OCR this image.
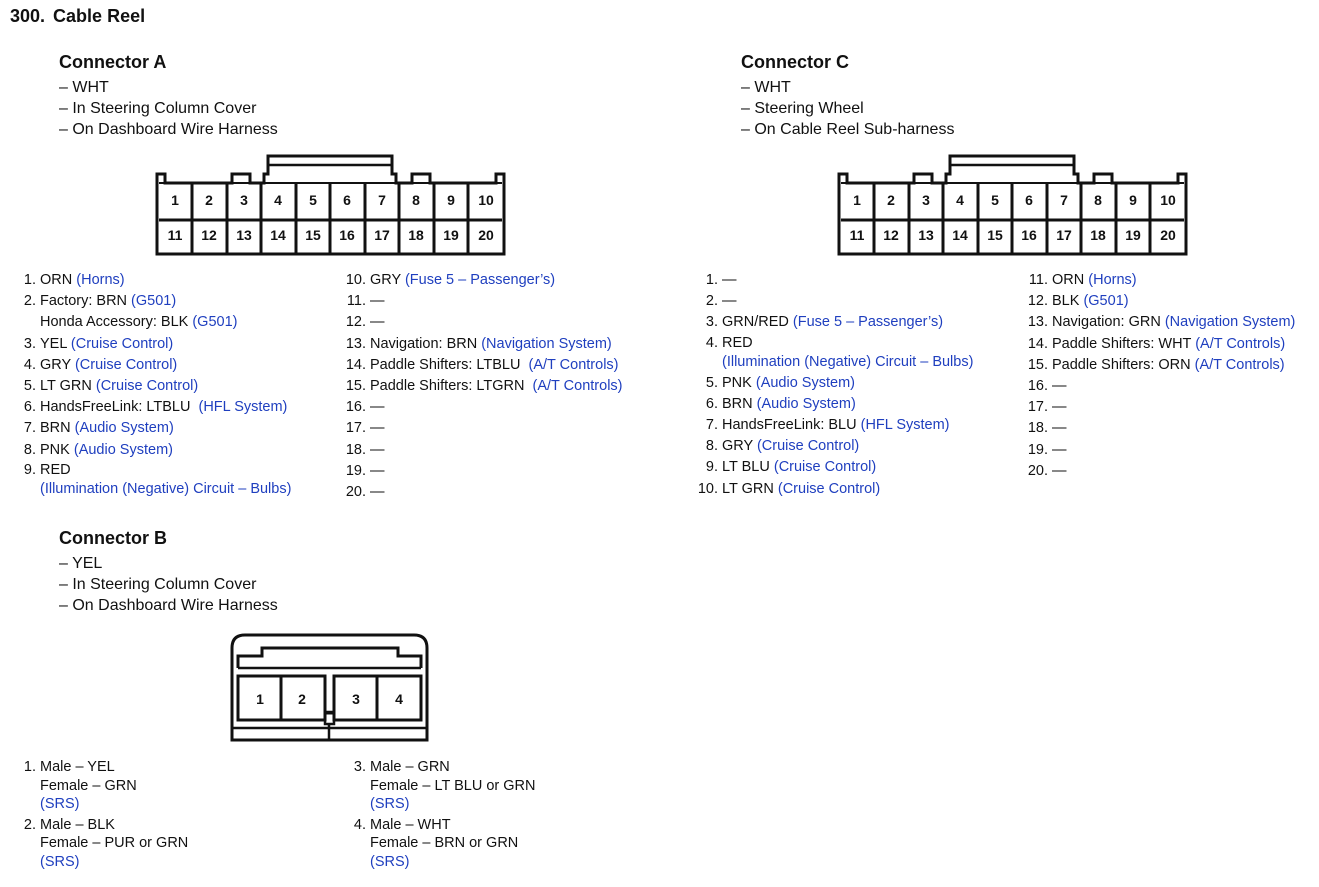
300. Cable Reel
Connector A
– WHT
– In Steering Column Cover
– On Dashboard Wire Harness
1 2 3 4 5 6 7 8 9 10
11 12 13 14 15 16 17 18 19 20
1. ORN (Horns)
2. Factory: BRN (G501)
Honda Accessory: BLK (G501)
3. YEL (Cruise Control)
4. GRY (Cruise Control)
5. LT GRN (Cruise Control)
6. HandsFreeLink: LTBLU (HFL System)
7. BRN (Audio System)
8. PNK (Audio System)
9. RED
(Illumination (Negative) Circuit – Bulbs)
10. GRY (Fuse 5 – Passenger’s)
11. —
12. —
13. Navigation: BRN (Navigation System)
14. Paddle Shifters: LTBLU (A/T Controls)
15. Paddle Shifters: LTGRN (A/T Controls)
16. —
17. —
18. —
19. —
20. —
Connector C
– WHT
– Steering Wheel
– On Cable Reel Sub-harness
1 2 3 4 5 6 7 8 9 10
11 12 13 14 15 16 17 18 19 20
1. —
2. —
3. GRN/RED (Fuse 5 – Passenger’s)
4. RED
(Illumination (Negative) Circuit – Bulbs)
5. PNK (Audio System)
6. BRN (Audio System)
7. HandsFreeLink: BLU (HFL System)
8. GRY (Cruise Control)
9. LT BLU (Cruise Control)
10. LT GRN (Cruise Control)
11. ORN (Horns)
12. BLK (G501)
13. Navigation: GRN (Navigation System)
14. Paddle Shifters: WHT (A/T Controls)
15. Paddle Shifters: ORN (A/T Controls)
16. —
17. —
18. —
19. —
20. —
Connector B
– YEL
– In Steering Column Cover
– On Dashboard Wire Harness
1 2	3	4
1. Male – YEL
Female – GRN
(SRS)
2. Male – BLK
Female – PUR or GRN
(SRS)
3. Male – GRN
Female – LT BLU or GRN
(SRS)
4. Male – WHT
Female – BRN or GRN
(SRS)
